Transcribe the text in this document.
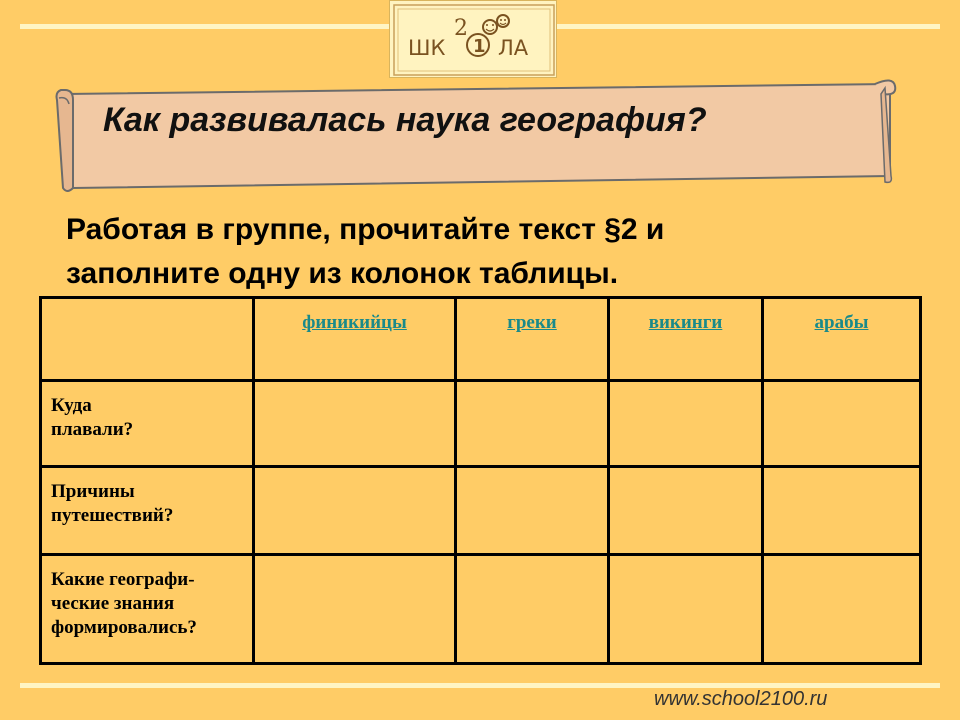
2
1
ШК	ЛА
Как развивалась наука география?
Работая в группе, прочитайте текст §2 и
заполните одну из колонок таблицы.

	финикийцы	греки	викинги	арабы

Куда
плавали?				

Причины
путешествий?				

Какие географи-
ческие знания
формировались?				

www.school2100.ru
